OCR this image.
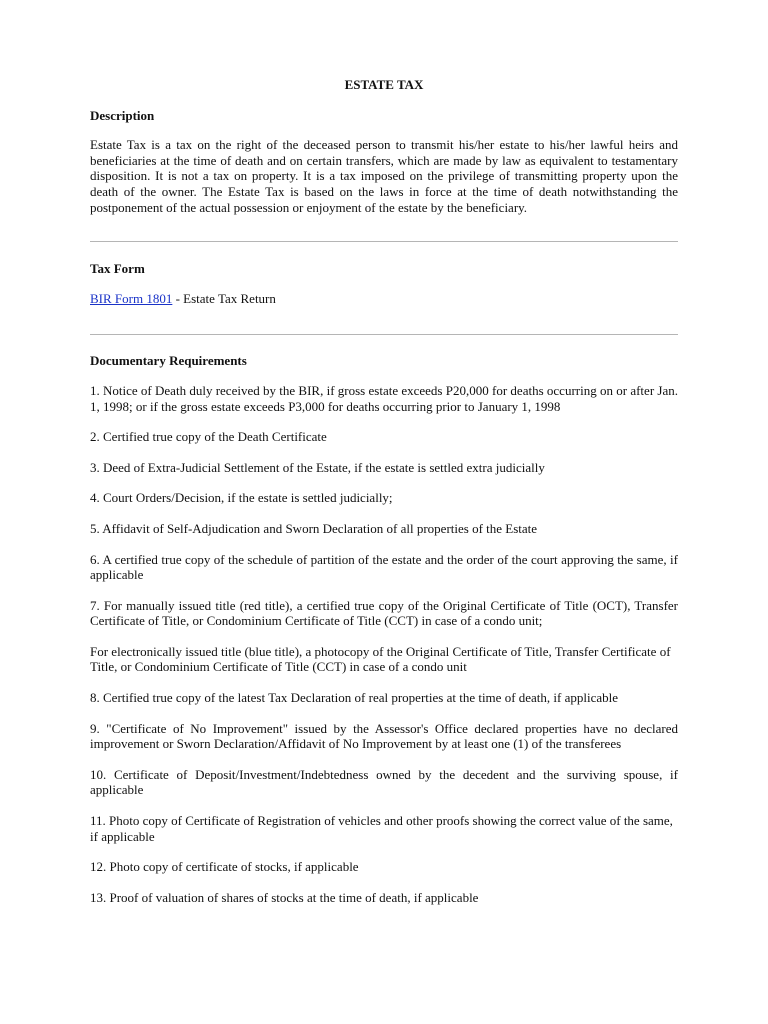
ESTATE TAX
Description
Estate Tax is a tax on the right of the deceased person to transmit his/her estate to his/her lawful heirs and beneficiaries at the time of death and on certain transfers, which are made by law as equivalent to testamentary disposition. It is not a tax on property. It is a tax imposed on the privilege of transmitting property upon the death of the owner. The Estate Tax is based on the laws in force at the time of death notwithstanding the postponement of the actual possession or enjoyment of the estate by the beneficiary.
Tax Form
BIR Form 1801 - Estate Tax Return
Documentary Requirements
1. Notice of Death duly received by the BIR, if gross estate exceeds P20,000 for deaths occurring on or after Jan. 1, 1998; or if the gross estate exceeds P3,000 for deaths occurring prior to January 1, 1998
2. Certified true copy of the Death Certificate
3. Deed of Extra-Judicial Settlement of the Estate, if the estate is settled extra judicially
4. Court Orders/Decision, if the estate is settled judicially;
5. Affidavit of Self-Adjudication and Sworn Declaration of all properties of the Estate
6. A certified true copy of the schedule of partition of the estate and the order of the court approving the same, if applicable
7. For manually issued title (red title), a certified true copy of the Original Certificate of Title (OCT), Transfer Certificate of Title, or Condominium Certificate of Title (CCT) in case of a condo unit;
For electronically issued title (blue title), a photocopy of the Original Certificate of Title, Transfer Certificate of Title, or Condominium Certificate of Title (CCT) in case of a condo unit
8. Certified true copy of the latest Tax Declaration of real properties at the time of death, if applicable
9. "Certificate of No Improvement" issued by the Assessor's Office declared properties have no declared improvement or Sworn Declaration/Affidavit of No Improvement by at least one (1) of the transferees
10. Certificate of Deposit/Investment/Indebtedness owned by the decedent and the surviving spouse, if applicable
11. Photo copy of Certificate of Registration of vehicles and other proofs showing the correct value of the same, if applicable
12. Photo copy of certificate of stocks, if applicable
13. Proof of valuation of shares of stocks at the time of death, if applicable
